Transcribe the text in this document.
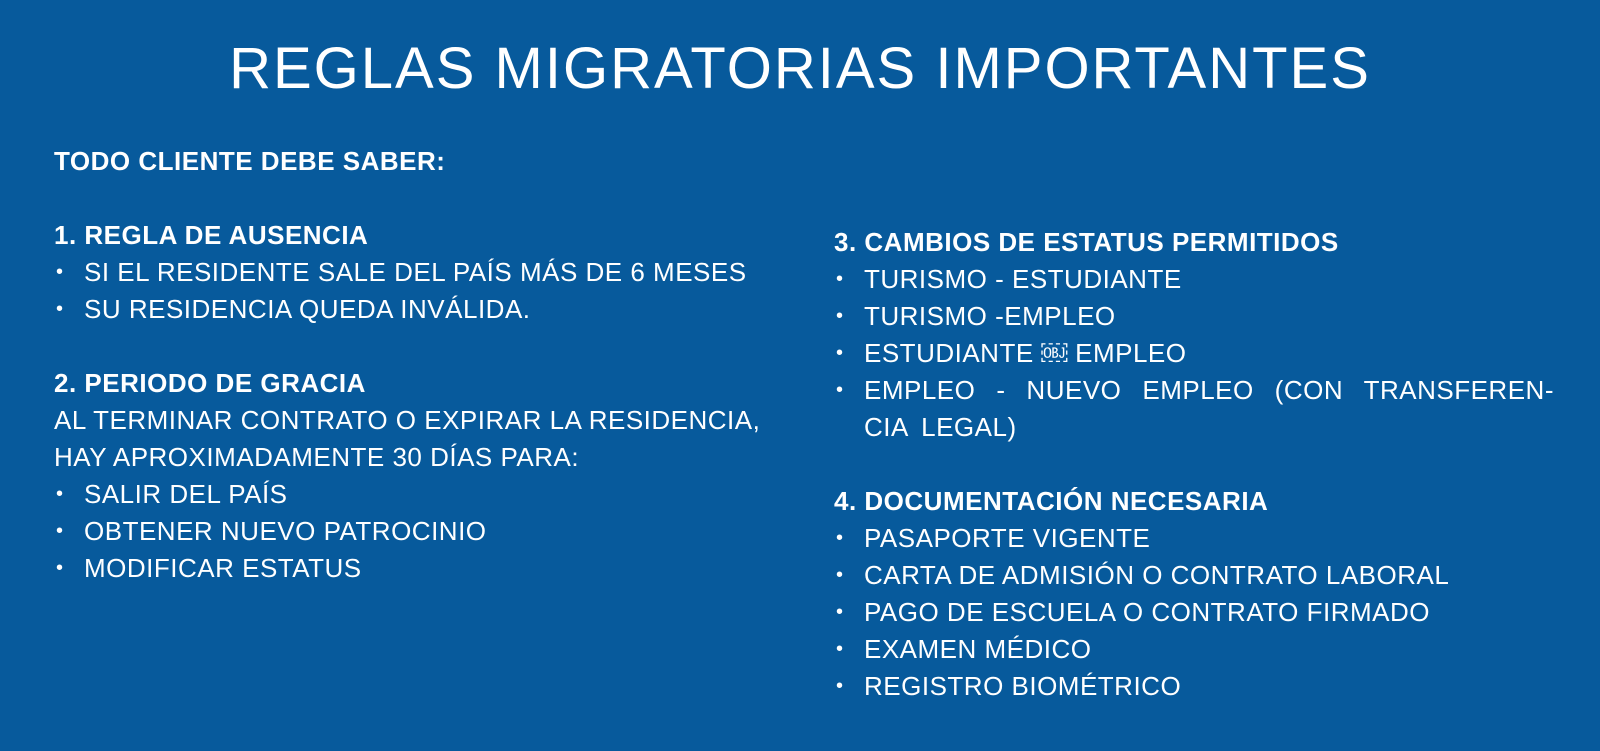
REGLAS MIGRATORIAS IMPORTANTES
TODO CLIENTE DEBE SABER:
1. REGLA DE AUSENCIA
• SI EL RESIDENTE SALE DEL PAÍS MÁS DE 6 MESES
• SU RESIDENCIA QUEDA INVÁLIDA.
2. PERIODO DE GRACIA
AL TERMINAR CONTRATO O EXPIRAR LA RESIDENCIA,
HAY APROXIMADAMENTE 30 DÍAS PARA:
• SALIR DEL PAÍS
• OBTENER NUEVO PATROCINIO
• MODIFICAR ESTATUS
3. CAMBIOS DE ESTATUS PERMITIDOS
• TURISMO - ESTUDIANTE
• TURISMO -EMPLEO
• ESTUDIANTE ￼ EMPLEO
• EMPLEO - NUEVO EMPLEO (CON TRANSFEREN-CIA LEGAL)
4. DOCUMENTACIÓN NECESARIA
• PASAPORTE VIGENTE
• CARTA DE ADMISIÓN O CONTRATO LABORAL
• PAGO DE ESCUELA O CONTRATO FIRMADO
• EXAMEN MÉDICO
• REGISTRO BIOMÉTRICO
